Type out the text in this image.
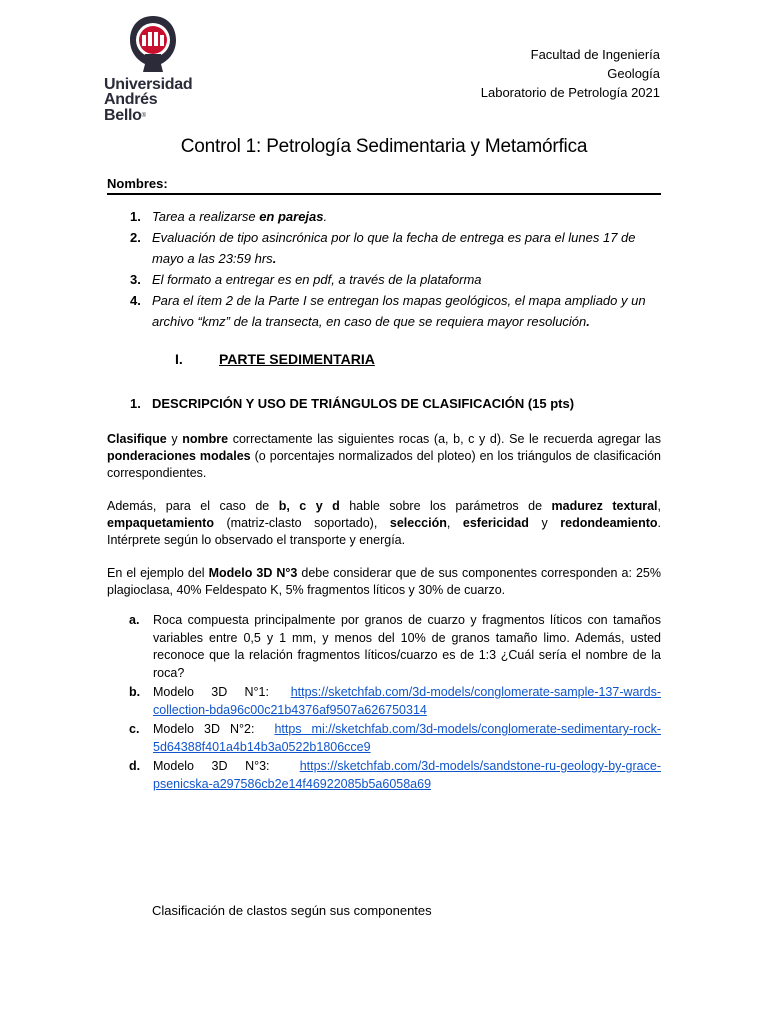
Universidad
Andrés Bello®
Facultad de Ingeniería
Geología
Laboratorio de Petrología 2021
Control 1: Petrología Sedimentaria y Metamórfica
Nombres:
1. Tarea a realizarse en parejas.
2. Evaluación de tipo asincrónica por lo que la fecha de entrega es para el lunes 17 de mayo a las 23:59 hrs.
3. El formato a entregar es en pdf, a través de la plataforma
4. Para el ítem 2 de la Parte I se entregan los mapas geológicos, el mapa ampliado y un archivo “kmz” de la transecta, en caso de que se requiera mayor resolución.
I.	PARTE SEDIMENTARIA
1. DESCRIPCIÓN Y USO DE TRIÁNGULOS DE CLASIFICACIÓN (15 pts)
Clasifique y nombre correctamente las siguientes rocas (a, b, c y d). Se le recuerda agregar las ponderaciones modales (o porcentajes normalizados del ploteo) en los triángulos de clasificación correspondientes.
Además, para el caso de b, c y d hable sobre los parámetros de madurez textural, empaquetamiento (matriz-clasto soportado), selección, esfericidad y redondeamiento. Intérprete según lo observado el transporte y energía.
En el ejemplo del Modelo 3D N°3 debe considerar que de sus componentes corresponden a: 25% plagioclasa, 40% Feldespato K, 5% fragmentos líticos y 30% de cuarzo.
a. Roca compuesta principalmente por granos de cuarzo y fragmentos líticos con tamaños variables entre 0,5 y 1 mm, y menos del 10% de granos tamaño limo. Además, usted reconoce que la relación fragmentos líticos/cuarzo es de 1:3 ¿Cuál sería el nombre de la roca?
b. Modelo 3D N°1: https://sketchfab.com/3d-models/conglomerate-sample-137-wards-collection-bda96c00c21b4376af9507a626750314
c. Modelo 3D N°2: https mi://sketchfab.com/3d-models/conglomerate-sedimentary-rock-5d64388f401a4b14b3a0522b1806cce9
d. Modelo 3D N°3: https://sketchfab.com/3d-models/sandstone-ru-geology-by-grace-psenicska-a297586cb2e14f46922085b5a6058a69
Clasificación de clastos según sus componentes
